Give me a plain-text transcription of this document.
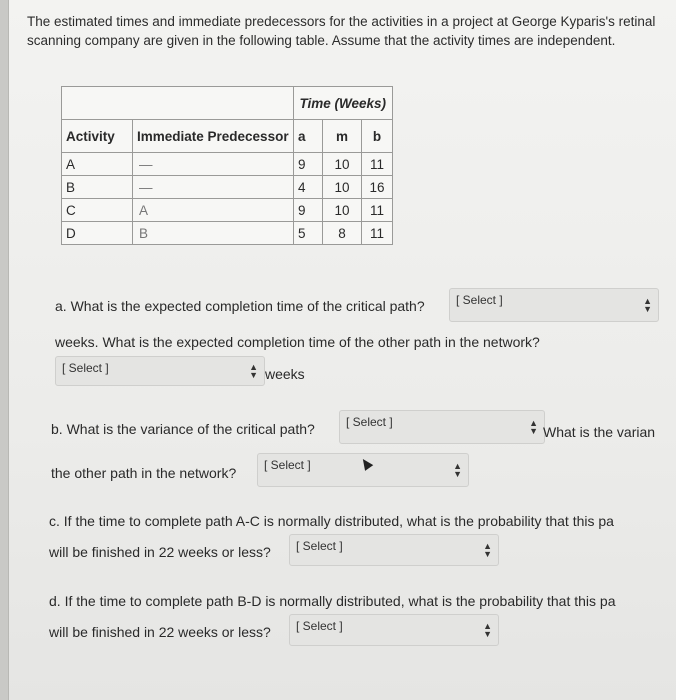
The estimated times and immediate predecessors for the activities in a project at George Kyparis's retinal scanning company are given in the following table. Assume that the activity times are independent.
		Time (Weeks)		
Activity	Immediate Predecessor	a	m	b
A	—	9	10	11
B	—	4	10	16
C	A	9	10	11
D	B	5	8	11
a. What is the expected completion time of the critical path?	[ Select ]	▲
▼
weeks. What is the expected completion time of the other path in the network?
[ Select ]	▲
▼ weeks
b. What is the variance of the critical path?	[ Select ]	▲
▼ What is the varian
the other path in the network? [ Select ]	▲
▼
c. If the time to complete path A-C is normally distributed, what is the probability that this pa
will be finished in 22 weeks or less? [ Select ]	▲
▼
d. If the time to complete path B-D is normally distributed, what is the probability that this pa
will be finished in 22 weeks or less? [ Select ]	▲
▼
